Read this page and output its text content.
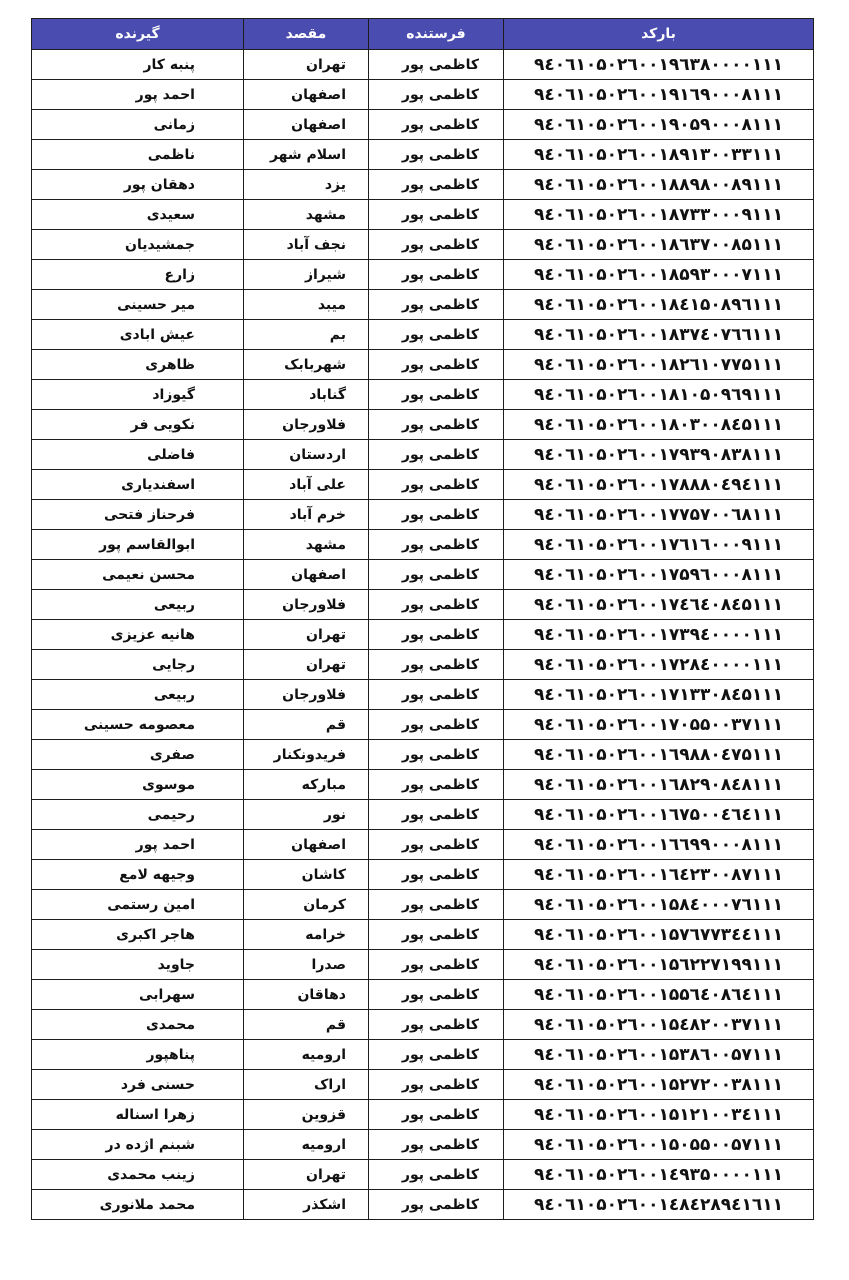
بارکد	فرستنده	مقصد	گیرنده
۹٤۰٦۱۰۵۰۲٦۰۰۱۹٦۳۸۰۰۰۰۱۱۱	کاظمی پور	تهران	پنبه کار
۹٤۰٦۱۰۵۰۲٦۰۰۱۹۱٦۹۰۰۰۸۱۱۱	کاظمی پور	اصفهان	احمد پور
۹٤۰٦۱۰۵۰۲٦۰۰۱۹۰۵۹۰۰۰۸۱۱۱	کاظمی پور	اصفهان	زمانی
۹٤۰٦۱۰۵۰۲٦۰۰۱۸۹۱۳۰۰۳۳۱۱۱	کاظمی پور	اسلام شهر	ناظمی
۹٤۰٦۱۰۵۰۲٦۰۰۱۸۸۹۸۰۰۸۹۱۱۱	کاظمی پور	یزد	دهقان پور
۹٤۰٦۱۰۵۰۲٦۰۰۱۸۷۳۳۰۰۰۹۱۱۱	کاظمی پور	مشهد	سعیدی
۹٤۰٦۱۰۵۰۲٦۰۰۱۸٦۳۷۰۰۸۵۱۱۱	کاظمی پور	نجف آباد	جمشیدیان
۹٤۰٦۱۰۵۰۲٦۰۰۱۸۵۹۳۰۰۰۷۱۱۱	کاظمی پور	شیراز	زارع
۹٤۰٦۱۰۵۰۲٦۰۰۱۸٤۱۵۰۸۹٦۱۱۱	کاظمی پور	میبد	میر حسینی
۹٤۰٦۱۰۵۰۲٦۰۰۱۸۳۷٤۰۷٦٦۱۱۱	کاظمی پور	بم	عیش ابادی
۹٤۰٦۱۰۵۰۲٦۰۰۱۸۲٦۱۰۷۷۵۱۱۱	کاظمی پور	شهربابک	ظاهری
۹٤۰٦۱۰۵۰۲٦۰۰۱۸۱۰۵۰۹٦۹۱۱۱	کاظمی پور	گناباد	گیوزاد
۹٤۰٦۱۰۵۰۲٦۰۰۱۸۰۳۰۰۸٤۵۱۱۱	کاظمی پور	فلاورجان	نکویی فر
۹٤۰٦۱۰۵۰۲٦۰۰۱۷۹۳۹۰۸۳۸۱۱۱	کاظمی پور	اردستان	فاضلی
۹٤۰٦۱۰۵۰۲٦۰۰۱۷۸۸۸۰٤۹٤۱۱۱	کاظمی پور	علی آباد	اسفندیاری
۹٤۰٦۱۰۵۰۲٦۰۰۱۷۷۵۷۰۰٦۸۱۱۱	کاظمی پور	خرم آباد	فرحناز فتحی
۹٤۰٦۱۰۵۰۲٦۰۰۱۷٦۱٦۰۰۰۹۱۱۱	کاظمی پور	مشهد	ابوالقاسم پور
۹٤۰٦۱۰۵۰۲٦۰۰۱۷۵۹٦۰۰۰۸۱۱۱	کاظمی پور	اصفهان	محسن نعیمی
۹٤۰٦۱۰۵۰۲٦۰۰۱۷٤٦٤۰۸٤۵۱۱۱	کاظمی پور	فلاورجان	ربیعی
۹٤۰٦۱۰۵۰۲٦۰۰۱۷۳۹٤۰۰۰۰۱۱۱	کاظمی پور	تهران	هانیه عزیزی
۹٤۰٦۱۰۵۰۲٦۰۰۱۷۲۸٤۰۰۰۰۱۱۱	کاظمی پور	تهران	رجایی
۹٤۰٦۱۰۵۰۲٦۰۰۱۷۱۳۳۰۸٤۵۱۱۱	کاظمی پور	فلاورجان	ربیعی
۹٤۰٦۱۰۵۰۲٦۰۰۱۷۰۵۵۰۰۳۷۱۱۱	کاظمی پور	قم	معصومه حسینی
۹٤۰٦۱۰۵۰۲٦۰۰۱٦۹۸۸۰٤۷۵۱۱۱	کاظمی پور	فریدونکنار	صفری
۹٤۰٦۱۰۵۰۲٦۰۰۱٦۸۲۹۰۸٤۸۱۱۱	کاظمی پور	مبارکه	موسوی
۹٤۰٦۱۰۵۰۲٦۰۰۱٦۷۵۰۰٤٦٤۱۱۱	کاظمی پور	نور	رحیمی
۹٤۰٦۱۰۵۰۲٦۰۰۱٦٦۹۹۰۰۰۸۱۱۱	کاظمی پور	اصفهان	احمد پور
۹٤۰٦۱۰۵۰۲٦۰۰۱٦٤۲۳۰۰۸۷۱۱۱	کاظمی پور	کاشان	وجیهه لامع
۹٤۰٦۱۰۵۰۲٦۰۰۱۵۸٤۰۰۰۷٦۱۱۱	کاظمی پور	کرمان	امین رستمی
۹٤۰٦۱۰۵۰۲٦۰۰۱۵۷٦۷۷۳٤٤۱۱۱	کاظمی پور	خرامه	هاجر اکبری
۹٤۰٦۱۰۵۰۲٦۰۰۱۵٦۲۲۷۱۹۹۱۱۱	کاظمی پور	صدرا	جاوید
۹٤۰٦۱۰۵۰۲٦۰۰۱۵۵٦٤۰۸٦٤۱۱۱	کاظمی پور	دهاقان	سهرابی
۹٤۰٦۱۰۵۰۲٦۰۰۱۵٤۸۲۰۰۳۷۱۱۱	کاظمی پور	قم	محمدی
۹٤۰٦۱۰۵۰۲٦۰۰۱۵۳۸٦۰۰۵۷۱۱۱	کاظمی پور	ارومیه	پناهپور
۹٤۰٦۱۰۵۰۲٦۰۰۱۵۲۷۲۰۰۳۸۱۱۱	کاظمی پور	اراک	حسنی فرد
۹٤۰٦۱۰۵۰۲٦۰۰۱۵۱۲۱۰۰۳٤۱۱۱	کاظمی پور	قزوین	زهرا اسناله
۹٤۰٦۱۰۵۰۲٦۰۰۱۵۰۵۵۰۰۵۷۱۱۱	کاظمی پور	ارومیه	شبنم اژده در
۹٤۰٦۱۰۵۰۲٦۰۰۱٤۹۳۵۰۰۰۰۱۱۱	کاظمی پور	تهران	زینب محمدی
۹٤۰٦۱۰۵۰۲٦۰۰۱٤۸٤۲۸۹٤۱٦۱۱	کاظمی پور	اشکذر	محمد ملانوری
